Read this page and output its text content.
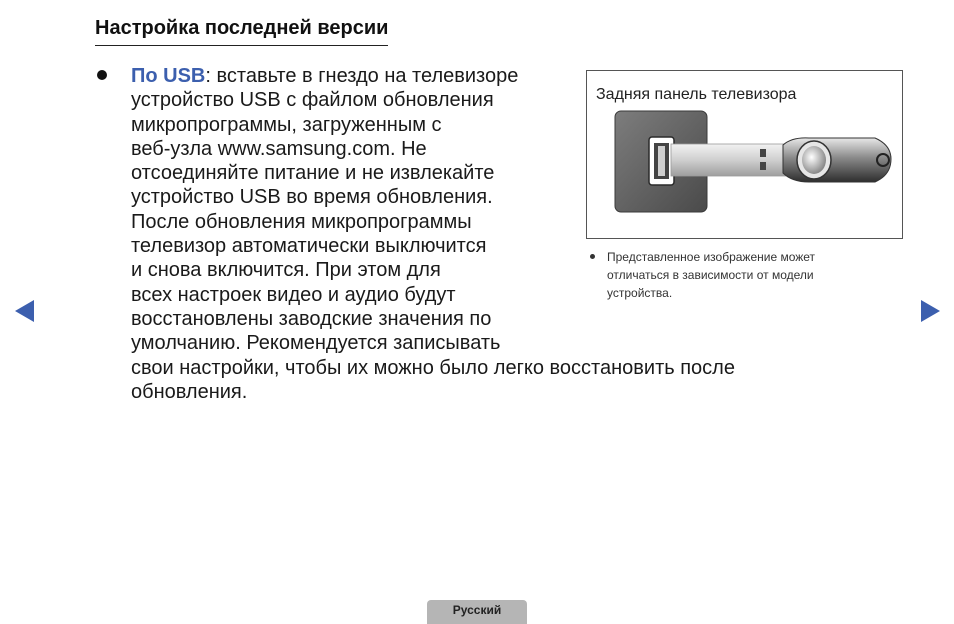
Настройка последней версии
По USB: вставьте в гнездо на телевизоре
устройство USB с файлом обновления
микропрограммы, загруженным с
веб-узла www.samsung.com. Не
отсоединяйте питание и не извлекайте
устройство USB во время обновления.
После обновления микропрограммы
телевизор автоматически выключится
и снова включится. При этом для
всех настроек видео и аудио будут
восстановлены заводские значения по
умолчанию. Рекомендуется записывать
свои настройки, чтобы их можно было легко восстановить после
обновления.
Задняя панель телевизора
Представленное изображение может
отличаться в зависимости от модели
устройства.
Русский
